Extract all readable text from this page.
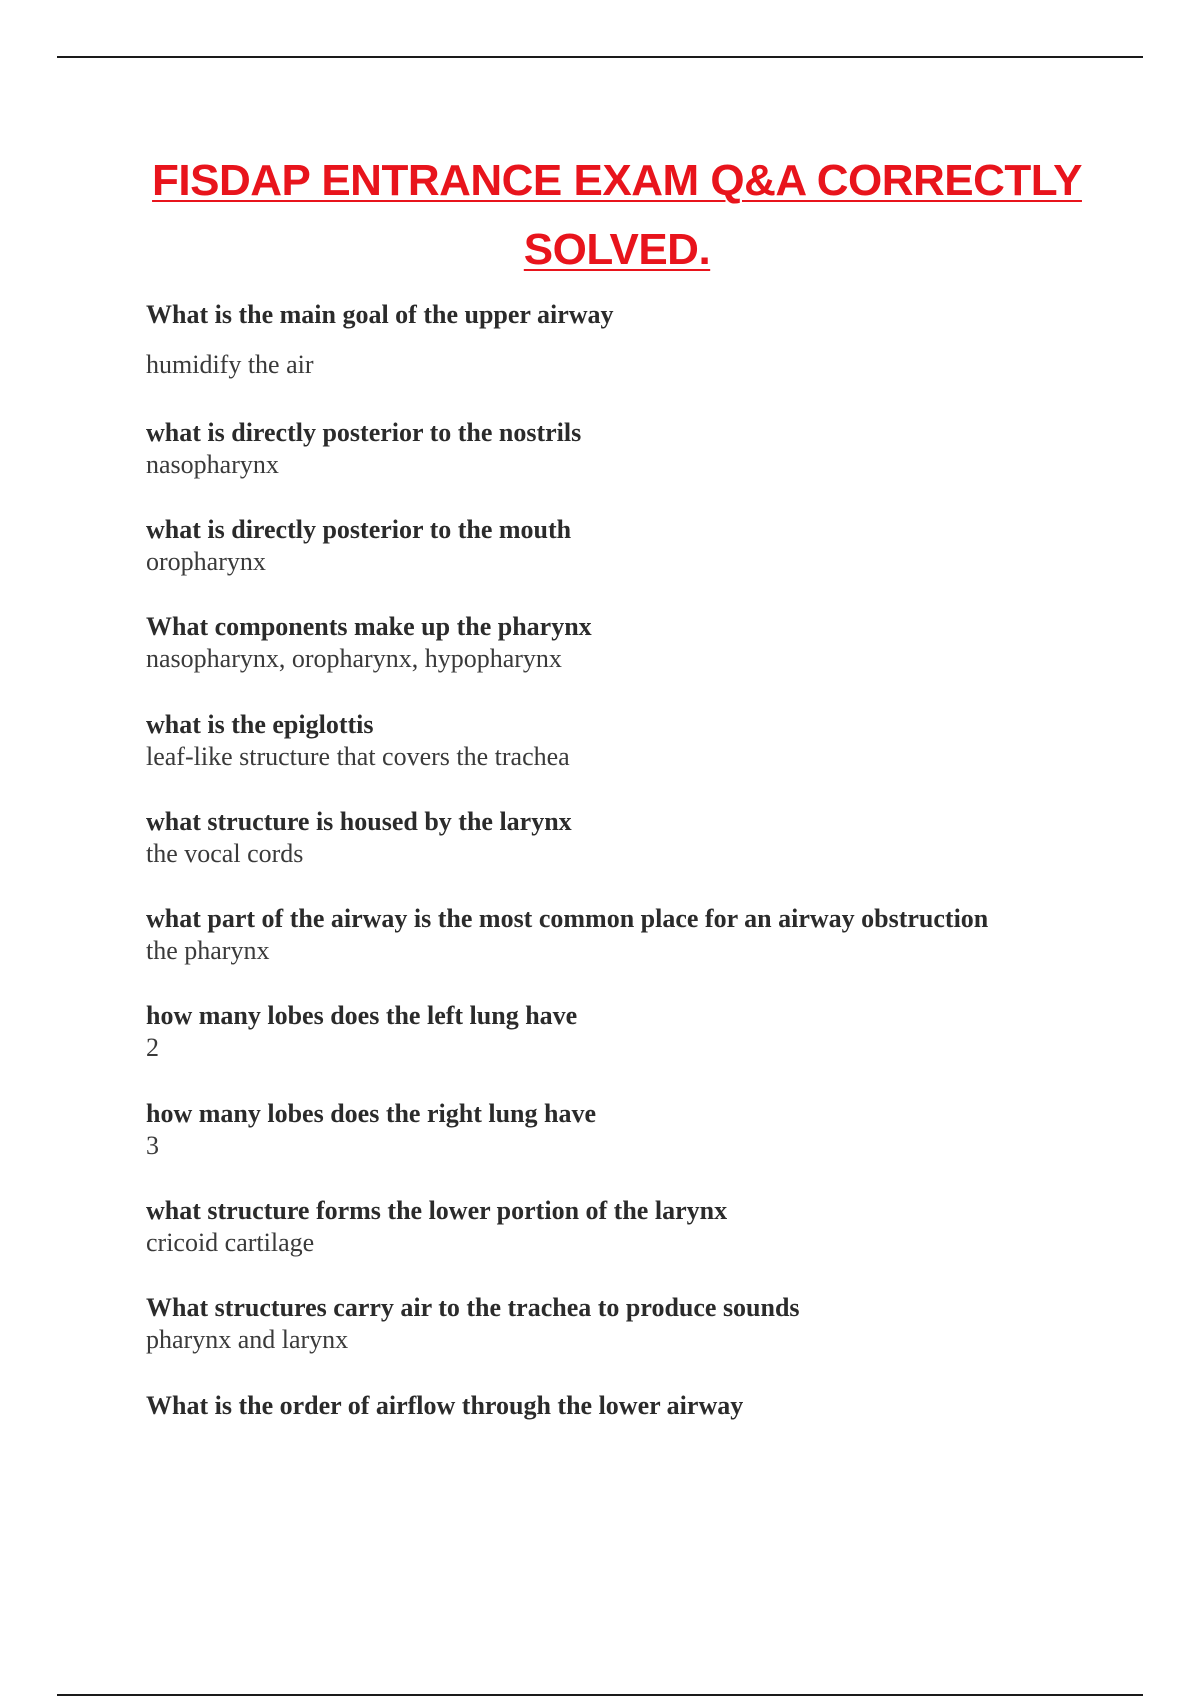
FISDAP ENTRANCE EXAM Q&A CORRECTLY
SOLVED.
What is the main goal of the upper airway
humidify the air
what is directly posterior to the nostrils
nasopharynx
what is directly posterior to the mouth
oropharynx
What components make up the pharynx
nasopharynx, oropharynx, hypopharynx
what is the epiglottis
leaf-like structure that covers the trachea
what structure is housed by the larynx
the vocal cords
what part of the airway is the most common place for an airway obstruction
the pharynx
how many lobes does the left lung have
2
how many lobes does the right lung have
3
what structure forms the lower portion of the larynx
cricoid cartilage
What structures carry air to the trachea to produce sounds
pharynx and larynx
What is the order of airflow through the lower airway
